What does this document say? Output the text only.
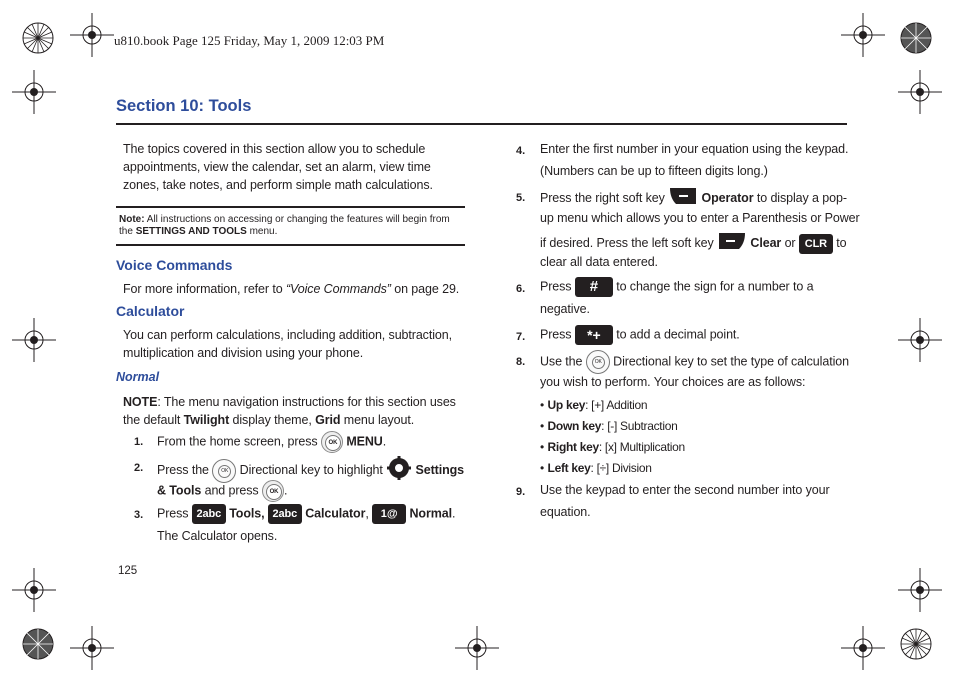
u810.book Page 125 Friday, May 1, 2009 12:03 PM
Section 10: Tools
The topics covered in this section allow you to schedule appointments, view the calendar, set an alarm, view time zones, take notes, and perform simple math calculations.
Note: All instructions on accessing or changing the features will begin from the SETTINGS AND TOOLS menu.
Voice Commands
For more information, refer to “Voice Commands” on page 29.
Calculator
You can perform calculations, including addition, subtraction, multiplication and division using your phone.
Normal
NOTE: The menu navigation instructions for this section uses the default Twilight display theme, Grid menu layout.
1. From the home screen, press	OK MENU.
2. Press the	OK Directional key to highlight  Settings
& Tools and press	OK .
3. Press 2abc Tools, 2abc Calculator, 1@ Normal.
The Calculator opens.
125
4. Enter the first number in your equation using the keypad.
(Numbers can be up to fifteen digits long.)
5. Press the right soft key	Operator to display a pop-
up menu which allows you to enter a Parenthesis or Power
if desired. Press the left soft key	Clear or CLR to
clear all data entered.
6. Press # to change the sign for a number to a
negative.
7. Press *+ to add a decimal point.
8. Use the	OK Directional key to set the type of calculation
you wish to perform. Your choices are as follows:
• Up key: [+] Addition
• Down key: [-] Subtraction
• Right key: [x] Multiplication
• Left key: [÷] Division
9. Use the keypad to enter the second number into your
equation.
